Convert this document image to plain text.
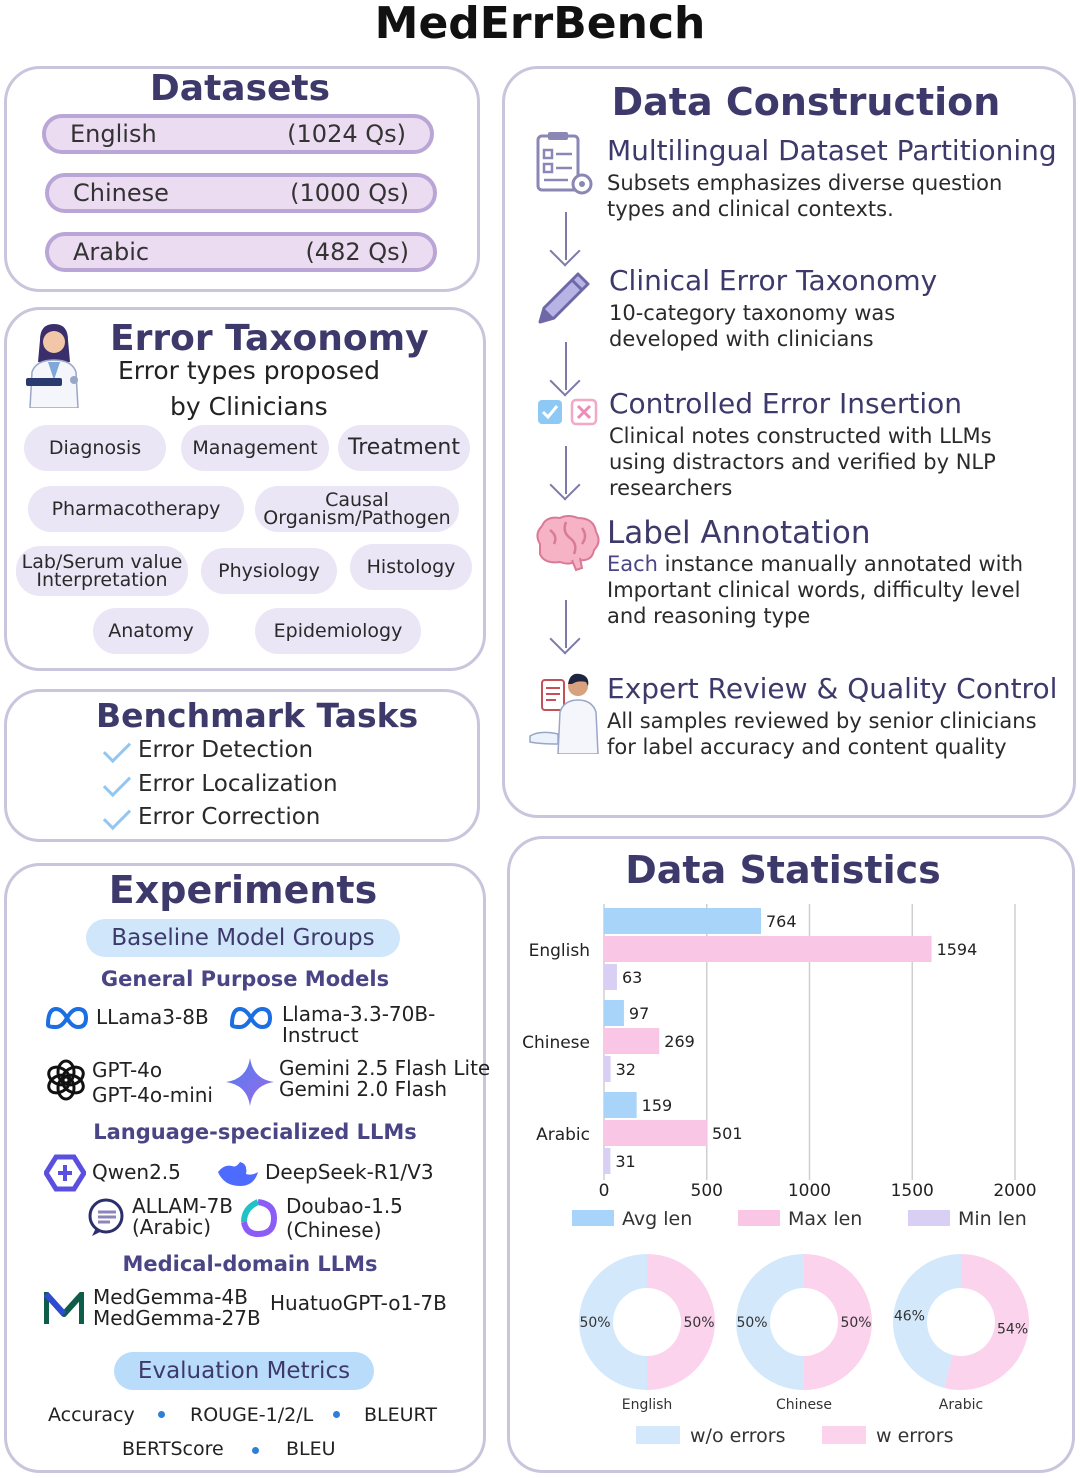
MedErrBench
Datasets
English	(1024 Qs)
Chinese	(1000 Qs)
Arabic	(482 Qs)
Error Taxonomy
Error types proposed
by Clinicians
Diagnosis	Management	Treatment
Pharmacotherapy	Causal
Organism/Pathogen
Lab/Serum value
Interpretation	Physiology	Histology
Anatomy	Epidemiology
Benchmark Tasks
Error Detection
Error Localization
Error Correction
Experiments
Baseline Model Groups
General Purpose Models
LLama3-8B	Llama-3.3-70B-
Instruct
GPT-4o
GPT-4o-mini
Gemini 2.5 Flash Lite
Gemini 2.0 Flash
Language-specialized LLMs
Qwen2.5	DeepSeek-R1/V3
ALLAM-7B
(Arabic)
Doubao-1.5
(Chinese)
Medical-domain LLMs
MedGemma-4B
MedGemma-27B
HuatuoGPT-o1-7B
Evaluation Metrics
Accuracy	ROUGE-1/2/L	BLEURT
BERTScore	BLEU
Data Construction
Multilingual Dataset Partitioning
Subsets emphasizes diverse question
types and clinical contexts.
Clinical Error Taxonomy
10-category taxonomy was
developed with clinicians
Controlled Error Insertion
Clinical notes constructed with LLMs
using distractors and verified by NLP
researchers
Label Annotation
Each instance manually annotated with
Important clinical words, difficulty level
and reasoning type
Expert Review & Quality Control
All samples reviewed by senior clinicians
for label accuracy and content quality
Data Statistics
0	500	1000	1500	2000
764
1594
63
English
97
269
32
Chinese
159
501
31
Arabic
Avg len	Max len	Min len
50%
50%
English
50%
50%
Chinese
54%
46%
Arabic
w/o errors	w errors
